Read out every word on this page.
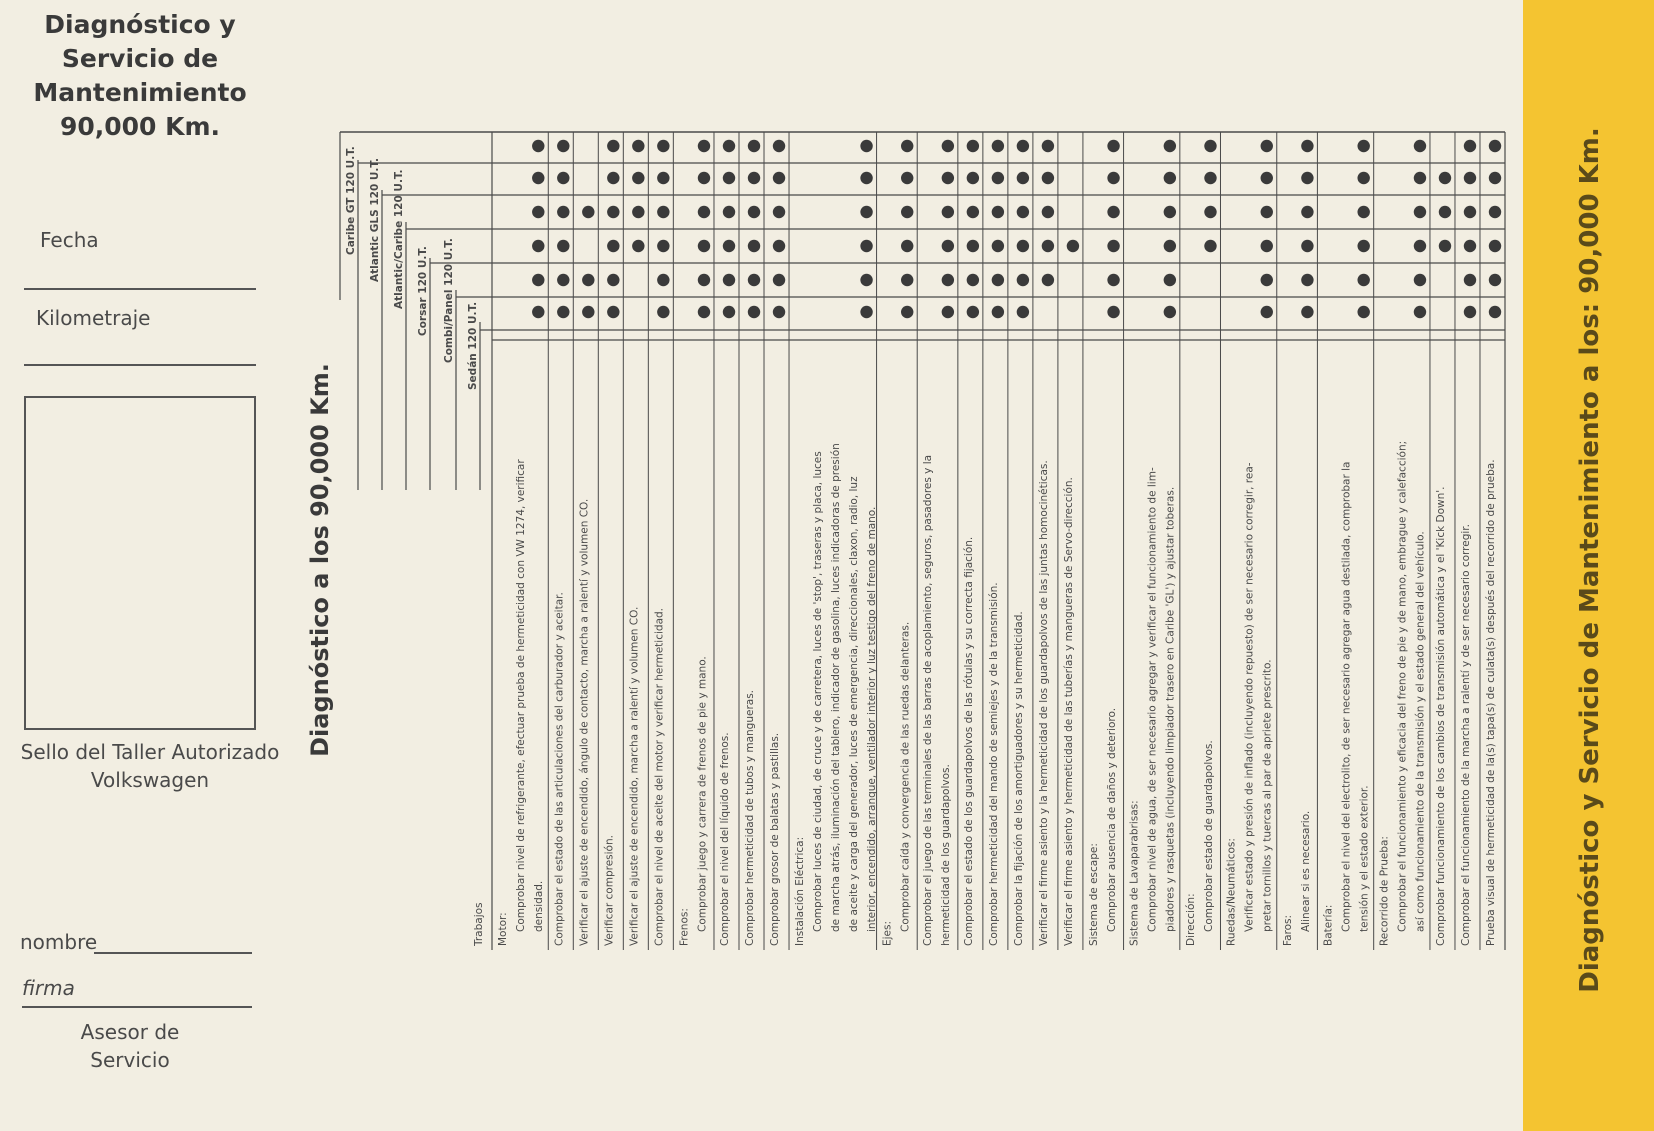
Diagnóstico y Servicio de Mantenimiento 90,000 Km.
Fecha
Kilometraje
Sello del Taller Autorizado Volkswagen
nombre
firma
Asesor de Servicio
Diagnóstico a los 90,000 Km.
Caribe GT 120 U.T. Atlantic GLS 120 U.T. Atlantic/Caribe 120 U.T. Corsar 120 U.T. Combi/Panel 120 U.T. Sedán 120 U.T.
Trabajos Motor: Comprobar nivel de refrigerante, efectuar prueba de hermeticidad con VW 1274, verificar densidad. Comprobar el estado de las articulaciones del carburador y aceitar. Verificar el ajuste de encendido, ángulo de contacto, marcha a ralentí y volumen CO. Verificar compresión. Verificar el ajuste de encendido, marcha a ralentí y volumen CO. Comprobar el nivel de aceite del motor y verificar hermeticidad. Frenos: Comprobar juego y carrera de frenos de pie y mano. Comprobar el nivel del líquido de frenos. Comprobar hermeticidad de tubos y mangueras. Comprobar grosor de balatas y pastillas. Instalación Eléctrica: Comprobar luces de ciudad, de cruce y de carretera, luces de 'stop', traseras y placa, luces de marcha atrás, iluminación del tablero, indicador de gasolina, luces indicadoras de presión de aceite y carga del generador, luces de emergencia, direccionales, claxon, radio, luz interior, encendido, arranque, ventilador interior y luz testigo del freno de mano.
Ejes:
Comprobar caída y convergencia de las ruedas delanteras. Comprobar el juego de las terminales de las barras de acoplamiento, seguros, pasadores y la hermeticidad de los guardapolvos. Comprobar el estado de los guardapolvos de las rótulas y su correcta fijación. Comprobar hermeticidad del mando de semiejes y de la transmisión. Comprobar la fijación de los amortiguadores y su hermeticidad. Verificar el firme asiento y la hermeticidad de los guardapolvos de las juntas homocinéticas. Verificar el firme asiento y hermeticidad de las tuberías y mangueras de Servo-dirección. Sistema de escape: Comprobar ausencia de daños y deterioro. Sistema de Lavaparabrisas: Comprobar nivel de agua, de ser necesario agregar y verificar el funcionamiento de lim- piadores y rasquetas (incluyendo limpiador trasero en Caribe 'GL') y ajustar toberas. Dirección: Comprobar estado de guardapolvos. Ruedas/Neumáticos: Verificar estado y presión de inflado (incluyendo repuesto) de ser necesario corregir, rea- pretar tornillos y tuercas al par de apriete prescrito. Faros: Alinear si es necesario. Batería: Comprobar el nivel del electrolito, de ser necesario agregar agua destilada, comprobar la tensión y el estado exterior. Recorrido de Prueba: Comprobar el funcionamiento y eficacia del freno de pie y de mano, embrague y calefacción; así como funcionamiento de la transmisión y el estado general del vehículo. Comprobar funcionamiento de los cambios de transmisión automática y el 'Kick Down'. Comprobar el funcionamiento de la marcha a ralentí y de ser necesario corregir. Prueba visual de hermeticidad de la(s) tapa(s) de culata(s) después del recorrido de prueba.	Diagnóstico y Servicio de Mantenimiento a los: 90,000 Km.
